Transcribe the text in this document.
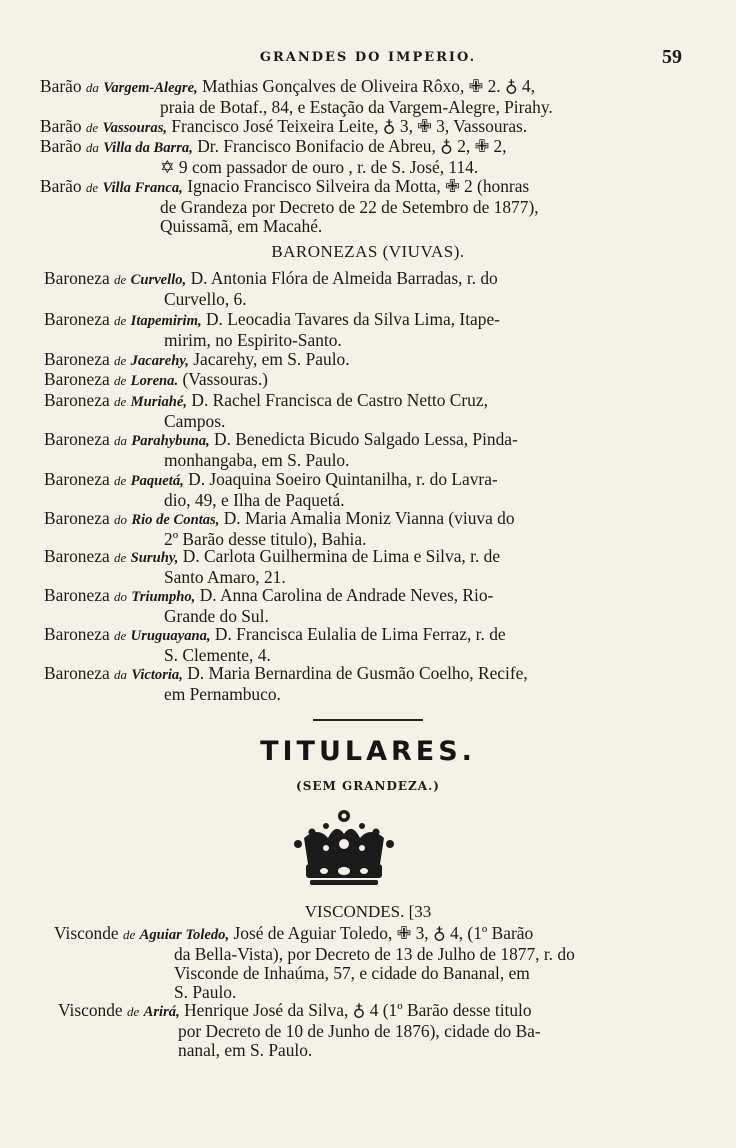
GRANDES DO IMPERIO.	59
Barão da Vargem-Alegre, Mathias Gonçalves de Oliveira Rôxo, ✙ 2. ♁ 4,
praia de Botaf., 84, e Estação da Vargem-Alegre, Pirahy.
Barão de Vassouras, Francisco José Teixeira Leite, ♁ 3, ✙ 3, Vassouras.
Barão da Villa da Barra, Dr. Francisco Bonifacio de Abreu, ♁ 2, ✙ 2,
✡ 9 com passador de ouro , r. de S. José, 114.
Barão de Villa Franca, Ignacio Francisco Silveira da Motta, ✙ 2 (honras
de Grandeza por Decreto de 22 de Setembro de 1877),
Quissamã, em Macahé.
BARONEZAS (VIUVAS).
Baroneza de Curvello, D. Antonia Flóra de Almeida Barradas, r. do
Curvello, 6.
Baroneza de Itapemirim, D. Leocadia Tavares da Silva Lima, Itape-
mirim, no Espirito-Santo.
Baroneza de Jacarehy, Jacarehy, em S. Paulo.
Baroneza de Lorena. (Vassouras.)
Baroneza de Muriahé, D. Rachel Francisca de Castro Netto Cruz,
Campos.
Baroneza da Parahybuna, D. Benedicta Bicudo Salgado Lessa, Pinda-
monhangaba, em S. Paulo.
Baroneza de Paquetá, D. Joaquina Soeiro Quintanilha, r. do Lavra-
dio, 49, e Ilha de Paquetá.
Baroneza do Rio de Contas, D. Maria Amalia Moniz Vianna (viuva do
2º Barão desse titulo), Bahia.
Baroneza de Suruhy, D. Carlota Guilhermina de Lima e Silva, r. de
Santo Amaro, 21.
Baroneza do Triumpho, D. Anna Carolina de Andrade Neves, Rio-
Grande do Sul.
Baroneza de Uruguayana, D. Francisca Eulalia de Lima Ferraz, r. de
S. Clemente, 4.
Baroneza da Victoria, D. Maria Bernardina de Gusmão Coelho, Recife,
em Pernambuco.
TITULARES.
(SEM GRANDEZA.)
VISCONDES. [33
Visconde de Aguiar Toledo, José de Aguiar Toledo, ✙ 3, ♁ 4, (1º Barão
da Bella-Vista), por Decreto de 13 de Julho de 1877, r. do
Visconde de Inhaúma, 57, e cidade do Bananal, em
S. Paulo.
Visconde de Arirá, Henrique José da Silva, ♁ 4 (1º Barão desse titulo
por Decreto de 10 de Junho de 1876), cidade do Ba-
nanal, em S. Paulo.
